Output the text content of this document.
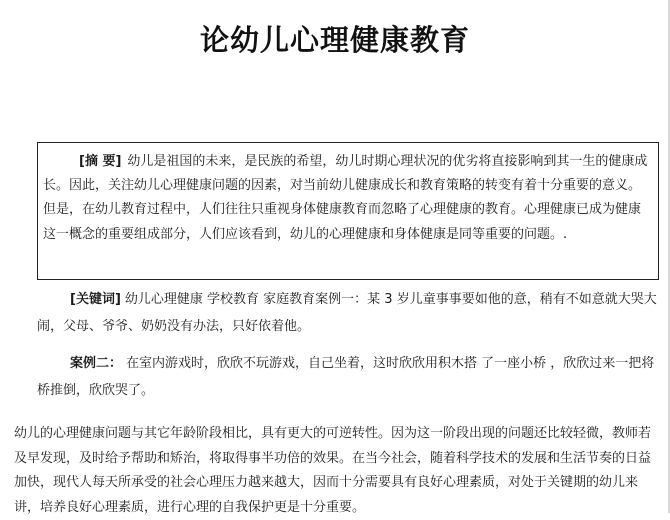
论幼儿心理健康教育
[摘 要] 幼儿是祖国的未来，是民族的希望，幼儿时期心理状况的优劣将直接影响到其一生的健康成长。因此，关注幼儿心理健康问题的因素，对当前幼儿健康成长和教育策略的转变有着十分重要的意义。但是，在幼儿教育过程中，人们往往只重视身体健康教育而忽略了心理健康的教育。心理健康已成为健康这一概念的重要组成部分，人们应该看到，幼儿的心理健康和身体健康是同等重要的问题。.
[关键词] 幼儿心理健康 学校教育 家庭教育案例一：某 3 岁儿童事事要如他的意，稍有不如意就大哭大闹，父母、爷爷、奶奶没有办法，只好依着他。
案例二： 在室内游戏时，欣欣不玩游戏，自己坐着，这时欣欣用积木搭 了一座小桥 ，欣欣过来一把将桥推倒，欣欣哭了。
幼儿的心理健康问题与其它年龄阶段相比，具有更大的可逆转性。因为这一阶段出现的问题还比较轻微，教师若及早发现，及时给予帮助和矫治，将取得事半功倍的效果。在当今社会，随着科学技术的发展和生活节奏的日益加快，现代人每天所承受的社会心理压力越来越大，因而十分需要具有良好心理素质，对处于关键期的幼儿来讲，培养良好心理素质，进行心理的自我保护更是十分重要。
